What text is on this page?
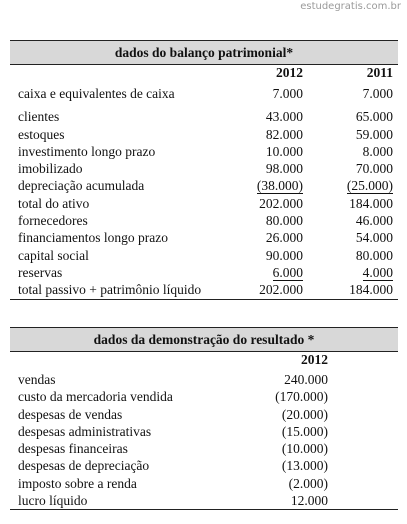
estudegratis.com.br
dados do balanço patrimonial*
2012	2011
caixa e equivalentes de caixa	7.000	7.000
clientes	43.000	65.000
estoques	82.000	59.000
investimento longo prazo	10.000	8.000
imobilizado	98.000	70.000
depreciação acumulada	(38.000)	(25.000)
total do ativo	202.000	184.000
fornecedores	80.000	46.000
financiamentos longo prazo	26.000	54.000
capital social	90.000	80.000
reservas	6.000	4.000
total passivo + patrimônio líquido	202.000	184.000
dados da demonstração do resultado *
2012
vendas	240.000
custo da mercadoria vendida	(170.000)
despesas de vendas	(20.000)
despesas administrativas	(15.000)
despesas financeiras	(10.000)
despesas de depreciação	(13.000)
imposto sobre a renda	(2.000)
lucro líquido	12.000
